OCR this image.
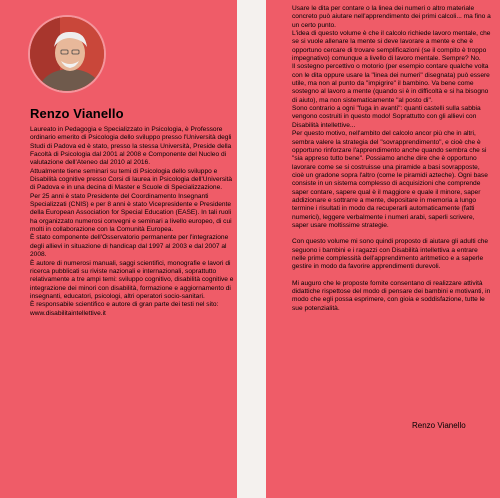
Renzo Vianello

Laureato in Pedagogia e Specializzato in Psicologia, è Professore ordinario emerito di Psicologia dello sviluppo presso l'Università degli Studi di Padova ed è stato, presso la stessa Università, Preside della Facoltà di Psicologia dal 2001 al 2008 e Componente del Nucleo di valutazione dell'Ateneo dal 2010 al 2016.

Attualmente tiene seminari su temi di Psicologia dello sviluppo e Disabilità cognitive presso Corsi di laurea in Psicologia dell'Università di Padova e in una decina di Master e Scuole di Specializzazione.

Per 25 anni è stato Presidente del Coordinamento Insegnanti Specializzati (CNIS) e per 8 anni è stato Vicepresidente e Presidente della European Association for Special Education (EASE). In tali ruoli ha organizzato numerosi convegni e seminari a livello europeo, di cui molti in collaborazione con la Comunità Europea.

È stato componente dell'Osservatorio permanente per l'integrazione degli allievi in situazione di handicap dal 1997 al 2003 e dal 2007 al 2008.

È autore di numerosi manuali, saggi scientifici, monografie e lavori di ricerca pubblicati su riviste nazionali e internazionali, soprattutto relativamente a tre ampi temi: sviluppo cognitivo, disabilità cognitive e integrazione dei minori con disabilità, formazione e aggiornamento di insegnanti, educatori, psicologi, altri operatori socio-sanitari.

È responsabile scientifico e autore di gran parte dei testi nel sito: www.disabilitaintellettive.it

Usare le dita per contare o la linea dei numeri o altro materiale concreto può aiutare nell'apprendimento dei primi calcoli... ma fino a un certo punto.

L'idea di questo volume è che il calcolo richiede lavoro mentale, che se si vuole allenare la mente si deve lavorare a mente e che è opportuno cercare di trovare semplificazioni (se il compito è troppo impegnativo) comunque a livello di lavoro mentale. Sempre? No.

Il sostegno percettivo o motorio (per esempio contare qualche volta con le dita oppure usare la "linea dei numeri" disegnata) può essere utile, ma non al punto da "impigrire" il bambino. Va bene come sostegno al lavoro a mente (quando si è in difficoltà e si ha bisogno di aiuto), ma non sistematicamente "al posto di".

Sono contrario a ogni "fuga in avanti": quanti castelli sulla sabbia vengono costruiti in questo modo! Soprattutto con gli allievi con Disabilità intellettive...

Per questo motivo, nell'ambito del calcolo ancor più che in altri, sembra valere la strategia del "sovrapprendimento", e cioè che è opportuno rinforzare l'apprendimento anche quando sembra che si "sia appreso tutto bene". Possiamo anche dire che è opportuno lavorare come se si costruisse una piramide a basi sovrapposte, cioè un gradone sopra l'altro (come le piramidi azteche). Ogni base consiste in un sistema complesso di acquisizioni che comprende saper contare, sapere qual è il maggiore e quale il minore, saper addizionare e sottrarre a mente, depositare in memoria a lungo termine i risultati in modo da recuperarli automaticamente (fatti numerici), leggere verbalmente i numeri arabi, saperli scrivere, saper usare moltissime strategie.

Con questo volume mi sono quindi proposto di aiutare gli adulti che seguono i bambini e i ragazzi con Disabilità intellettiva a entrare nelle prime complessità dell'apprendimento aritmetico e a saperle gestire in modo da favorire apprendimenti durevoli.

Mi auguro che le proposte fornite consentano di realizzare attività didattiche rispettose del modo di pensare dei bambini e motivanti, in modo che egli possa esprimere, con gioia e soddisfazione, tutte le sue potenzialità.

Renzo Vianello
